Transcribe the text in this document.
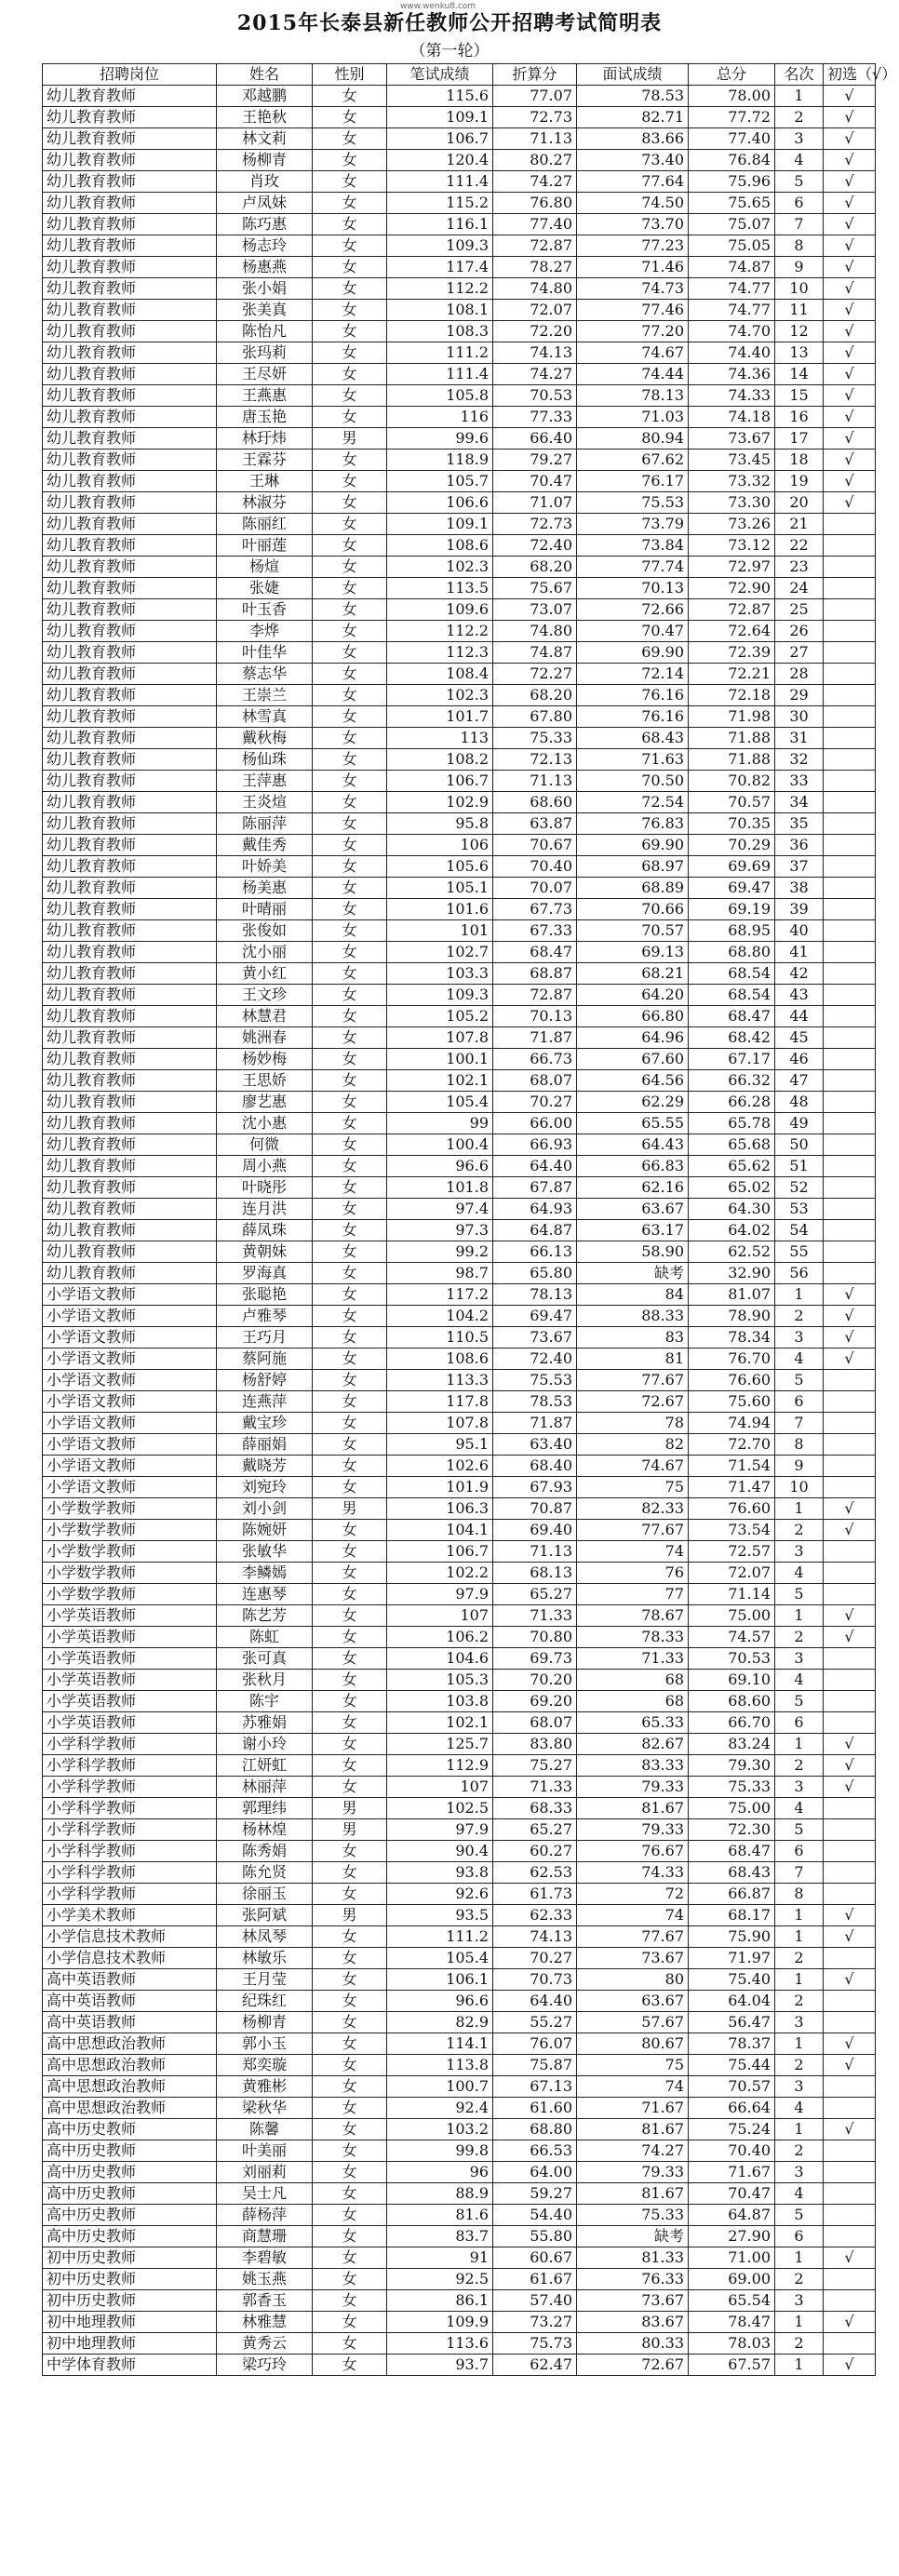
www.wenku8.com
2015年长泰县新任教师公开招聘考试简明表
（第一轮）
招聘岗位	姓名	性别	笔试成绩	折算分	面试成绩	总分	名次	初选（√）
幼儿教育教师	邓越鹏	女	115.6	77.07	78.53	78.00	1	√
幼儿教育教师	王艳秋	女	109.1	72.73	82.71	77.72	2	√
幼儿教育教师	林文莉	女	106.7	71.13	83.66	77.40	3	√
幼儿教育教师	杨柳青	女	120.4	80.27	73.40	76.84	4	√
幼儿教育教师	肖玫	女	111.4	74.27	77.64	75.96	5	√
幼儿教育教师	卢凤妹	女	115.2	76.80	74.50	75.65	6	√
幼儿教育教师	陈巧惠	女	116.1	77.40	73.70	75.07	7	√
幼儿教育教师	杨志玲	女	109.3	72.87	77.23	75.05	8	√
幼儿教育教师	杨惠燕	女	117.4	78.27	71.46	74.87	9	√
幼儿教育教师	张小娟	女	112.2	74.80	74.73	74.77	10	√
幼儿教育教师	张美真	女	108.1	72.07	77.46	74.77	11	√
幼儿教育教师	陈怡凡	女	108.3	72.20	77.20	74.70	12	√
幼儿教育教师	张玛莉	女	111.2	74.13	74.67	74.40	13	√
幼儿教育教师	王尽妍	女	111.4	74.27	74.44	74.36	14	√
幼儿教育教师	王燕惠	女	105.8	70.53	78.13	74.33	15	√
幼儿教育教师	唐玉艳	女	116	77.33	71.03	74.18	16	√
幼儿教育教师	林玗炜	男	99.6	66.40	80.94	73.67	17	√
幼儿教育教师	王霖芬	女	118.9	79.27	67.62	73.45	18	√
幼儿教育教师	王琳	女	105.7	70.47	76.17	73.32	19	√
幼儿教育教师	林淑芬	女	106.6	71.07	75.53	73.30	20	√
幼儿教育教师	陈丽红	女	109.1	72.73	73.79	73.26	21	
幼儿教育教师	叶丽莲	女	108.6	72.40	73.84	73.12	22	
幼儿教育教师	杨煊	女	102.3	68.20	77.74	72.97	23	
幼儿教育教师	张婕	女	113.5	75.67	70.13	72.90	24	
幼儿教育教师	叶玉香	女	109.6	73.07	72.66	72.87	25	
幼儿教育教师	李烨	女	112.2	74.80	70.47	72.64	26	
幼儿教育教师	叶佳华	女	112.3	74.87	69.90	72.39	27	
幼儿教育教师	蔡志华	女	108.4	72.27	72.14	72.21	28	
幼儿教育教师	王崇兰	女	102.3	68.20	76.16	72.18	29	
幼儿教育教师	林雪真	女	101.7	67.80	76.16	71.98	30	
幼儿教育教师	戴秋梅	女	113	75.33	68.43	71.88	31	
幼儿教育教师	杨仙珠	女	108.2	72.13	71.63	71.88	32	
幼儿教育教师	王萍惠	女	106.7	71.13	70.50	70.82	33	
幼儿教育教师	王炎煊	女	102.9	68.60	72.54	70.57	34	
幼儿教育教师	陈丽萍	女	95.8	63.87	76.83	70.35	35	
幼儿教育教师	戴佳秀	女	106	70.67	69.90	70.29	36	
幼儿教育教师	叶娇美	女	105.6	70.40	68.97	69.69	37	
幼儿教育教师	杨美惠	女	105.1	70.07	68.89	69.47	38	
幼儿教育教师	叶晴丽	女	101.6	67.73	70.66	69.19	39	
幼儿教育教师	张俊如	女	101	67.33	70.57	68.95	40	
幼儿教育教师	沈小丽	女	102.7	68.47	69.13	68.80	41	
幼儿教育教师	黄小红	女	103.3	68.87	68.21	68.54	42	
幼儿教育教师	王文珍	女	109.3	72.87	64.20	68.54	43	
幼儿教育教师	林慧君	女	105.2	70.13	66.80	68.47	44	
幼儿教育教师	姚洲春	女	107.8	71.87	64.96	68.42	45	
幼儿教育教师	杨妙梅	女	100.1	66.73	67.60	67.17	46	
幼儿教育教师	王思娇	女	102.1	68.07	64.56	66.32	47	
幼儿教育教师	廖艺惠	女	105.4	70.27	62.29	66.28	48	
幼儿教育教师	沈小惠	女	99	66.00	65.55	65.78	49	
幼儿教育教师	何微	女	100.4	66.93	64.43	65.68	50	
幼儿教育教师	周小燕	女	96.6	64.40	66.83	65.62	51	
幼儿教育教师	叶晓彤	女	101.8	67.87	62.16	65.02	52	
幼儿教育教师	连月洪	女	97.4	64.93	63.67	64.30	53	
幼儿教育教师	薛凤珠	女	97.3	64.87	63.17	64.02	54	
幼儿教育教师	黄朝妹	女	99.2	66.13	58.90	62.52	55	
幼儿教育教师	罗海真	女	98.7	65.80	缺考	32.90	56	
小学语文教师	张聪艳	女	117.2	78.13	84	81.07	1	√
小学语文教师	卢雅琴	女	104.2	69.47	88.33	78.90	2	√
小学语文教师	王巧月	女	110.5	73.67	83	78.34	3	√
小学语文教师	蔡阿施	女	108.6	72.40	81	76.70	4	√
小学语文教师	杨舒婷	女	113.3	75.53	77.67	76.60	5	
小学语文教师	连燕萍	女	117.8	78.53	72.67	75.60	6	
小学语文教师	戴宝珍	女	107.8	71.87	78	74.94	7	
小学语文教师	薛丽娟	女	95.1	63.40	82	72.70	8	
小学语文教师	戴晓芳	女	102.6	68.40	74.67	71.54	9	
小学语文教师	刘宛玲	女	101.9	67.93	75	71.47	10	
小学数学教师	刘小剑	男	106.3	70.87	82.33	76.60	1	√
小学数学教师	陈婉妍	女	104.1	69.40	77.67	73.54	2	√
小学数学教师	张敏华	女	106.7	71.13	74	72.57	3	
小学数学教师	李鳞嫣	女	102.2	68.13	76	72.07	4	
小学数学教师	连惠琴	女	97.9	65.27	77	71.14	5	
小学英语教师	陈艺芳	女	107	71.33	78.67	75.00	1	√
小学英语教师	陈虹	女	106.2	70.80	78.33	74.57	2	√
小学英语教师	张可真	女	104.6	69.73	71.33	70.53	3	
小学英语教师	张秋月	女	105.3	70.20	68	69.10	4	
小学英语教师	陈宇	女	103.8	69.20	68	68.60	5	
小学英语教师	苏雅娟	女	102.1	68.07	65.33	66.70	6	
小学科学教师	谢小玲	女	125.7	83.80	82.67	83.24	1	√
小学科学教师	江妍虹	女	112.9	75.27	83.33	79.30	2	√
小学科学教师	林丽萍	女	107	71.33	79.33	75.33	3	√
小学科学教师	郭理纬	男	102.5	68.33	81.67	75.00	4	
小学科学教师	杨林煌	男	97.9	65.27	79.33	72.30	5	
小学科学教师	陈秀娟	女	90.4	60.27	76.67	68.47	6	
小学科学教师	陈允贤	女	93.8	62.53	74.33	68.43	7	
小学科学教师	徐丽玉	女	92.6	61.73	72	66.87	8	
小学美术教师	张阿斌	男	93.5	62.33	74	68.17	1	√
小学信息技术教师	林凤琴	女	111.2	74.13	77.67	75.90	1	√
小学信息技术教师	林敏乐	女	105.4	70.27	73.67	71.97	2	
高中英语教师	王月莹	女	106.1	70.73	80	75.40	1	√
高中英语教师	纪珠红	女	96.6	64.40	63.67	64.04	2	
高中英语教师	杨柳青	女	82.9	55.27	57.67	56.47	3	
高中思想政治教师	郭小玉	女	114.1	76.07	80.67	78.37	1	√
高中思想政治教师	郑奕璇	女	113.8	75.87	75	75.44	2	√
高中思想政治教师	黄雅彬	女	100.7	67.13	74	70.57	3	
高中思想政治教师	梁秋华	女	92.4	61.60	71.67	66.64	4	
高中历史教师	陈馨	女	103.2	68.80	81.67	75.24	1	√
高中历史教师	叶美丽	女	99.8	66.53	74.27	70.40	2	
高中历史教师	刘丽莉	女	96	64.00	79.33	71.67	3	
高中历史教师	吴士凡	女	88.9	59.27	81.67	70.47	4	
高中历史教师	薛杨萍	女	81.6	54.40	75.33	64.87	5	
高中历史教师	商慧珊	女	83.7	55.80	缺考	27.90	6	
初中历史教师	李碧敏	女	91	60.67	81.33	71.00	1	√
初中历史教师	姚玉燕	女	92.5	61.67	76.33	69.00	2	
初中历史教师	郭香玉	女	86.1	57.40	73.67	65.54	3	
初中地理教师	林雅慧	女	109.9	73.27	83.67	78.47	1	√
初中地理教师	黄秀云	女	113.6	75.73	80.33	78.03	2	
中学体育教师	梁巧玲	女	93.7	62.47	72.67	67.57	1	√
